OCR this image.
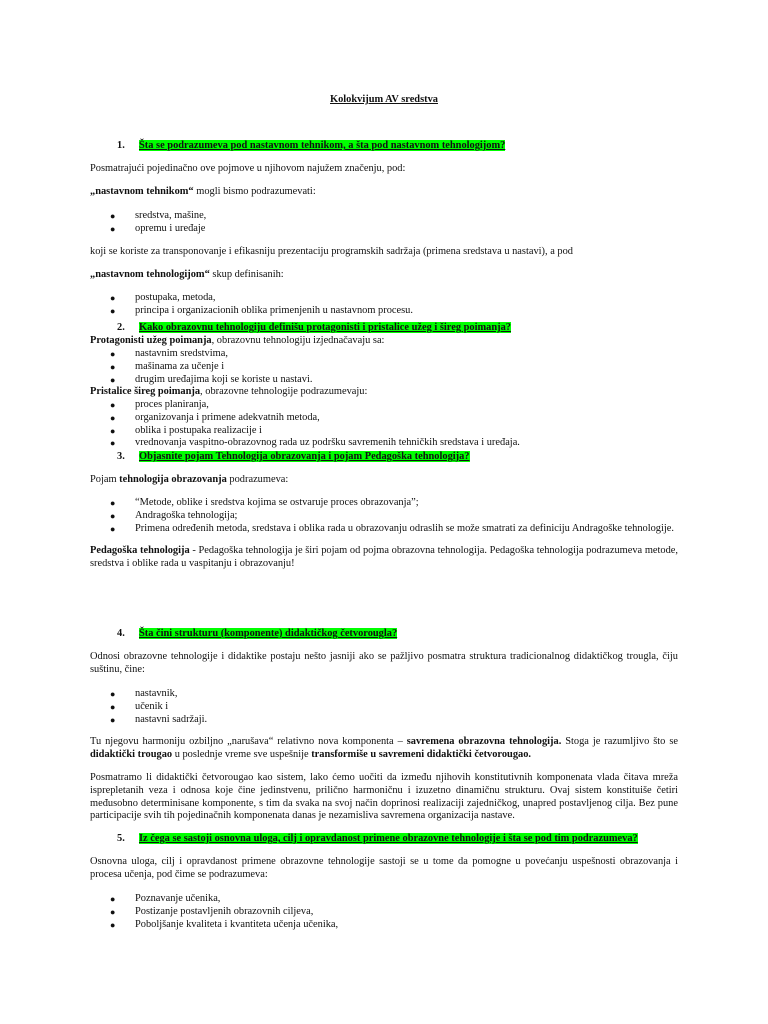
Kolokvijum AV sredstva

1. Šta se podrazumeva pod nastavnom tehnikom, a šta pod nastavnom tehnologijom?

Posmatrajući pojedinačno ove pojmove u njihovom najužem značenju, pod:

„nastavnom tehnikom“ mogli bismo podrazumevati:

● sredstva, mašine,
● opremu i uređaje

koji se koriste za transponovanje i efikasniju prezentaciju programskih sadržaja (primena sredstava u nastavi), a pod

„nastavnom tehnologijom“ skup definisanih:

● postupaka, metoda,
● principa i organizacionih oblika primenjenih u nastavnom procesu.

2. Kako obrazovnu tehnologiju definišu protagonisti i pristalice užeg i šireg poimanja?

Protagonisti užeg poimanja, obrazovnu tehnologiju izjednačavaju sa:

● nastavnim sredstvima,
● mašinama za učenje i
● drugim uređajima koji se koriste u nastavi.

Pristalice šireg poimanja, obrazovne tehnologije podrazumevaju:

● proces planiranja,
● organizovanja i primene adekvatnih metoda,
● oblika i postupaka realizacije i
● vrednovanja vaspitno-obrazovnog rada uz podršku savremenih tehničkih sredstava i uređaja.

3. Objasnite pojam Tehnologija obrazovanja i pojam Pedagoška tehnologija?

Pojam tehnologija obrazovanja podrazumeva:

● “Metode, oblike i sredstva kojima se ostvaruje proces obrazovanja”;
● Andragoška tehnologija;
● Primena određenih metoda, sredstava i oblika rada u obrazovanju odraslih se može smatrati za definiciju Andragoške tehnologije.

Pedagoška tehnologija - Pedagoška tehnologija je širi pojam od pojma obrazovna tehnologija. Pedagoška tehnologija podrazumeva metode, sredstva i oblike rada u vaspitanju i obrazovanju!

4. Šta čini strukturu (komponente) didaktičkog četvorougla?

Odnosi obrazovne tehnologije i didaktike postaju nešto jasniji ako se pažljivo posmatra struktura tradicionalnog didaktičkog trougla, čiju suštinu, čine:

● nastavnik,
● učenik i
● nastavni sadržaji.

Tu njegovu harmoniju ozbiljno „narušava“ relativno nova komponenta – savremena obrazovna tehnologija. Stoga je razumljivo što se didaktički trougao u poslednje vreme sve uspešnije transformiše u savremeni didaktički četvorougao.

Posmatramo li didaktički četvorougao kao sistem, lako ćemo uočiti da između njihovih konstitutivnih komponenata vlada čitava mreža isprepletanih veza i odnosa koje čine jedinstvenu, prilično harmoničnu i izuzetno dinamičnu strukturu. Ovaj sistem konstituiše četiri međusobno determinisane komponente, s tim da svaka na svoj način doprinosi realizaciji zajedničkog, unapred postavljenog cilja. Bez pune participacije svih tih pojedinačnih komponenata danas je nezamisliva savremena organizacija nastave.

5. Iz čega se sastoji osnovna uloga, cilj i opravdanost primene obrazovne tehnologije i šta se pod tim podrazumeva?

Osnovna uloga, cilj i opravdanost primene obrazovne tehnologije sastoji se u tome da pomogne u povećanju uspešnosti obrazovanja i procesa učenja, pod čime se podrazumeva:

● Poznavanje učenika,
● Postizanje postavljenih obrazovnih ciljeva,
● Poboljšanje kvaliteta i kvantiteta učenja učenika,
